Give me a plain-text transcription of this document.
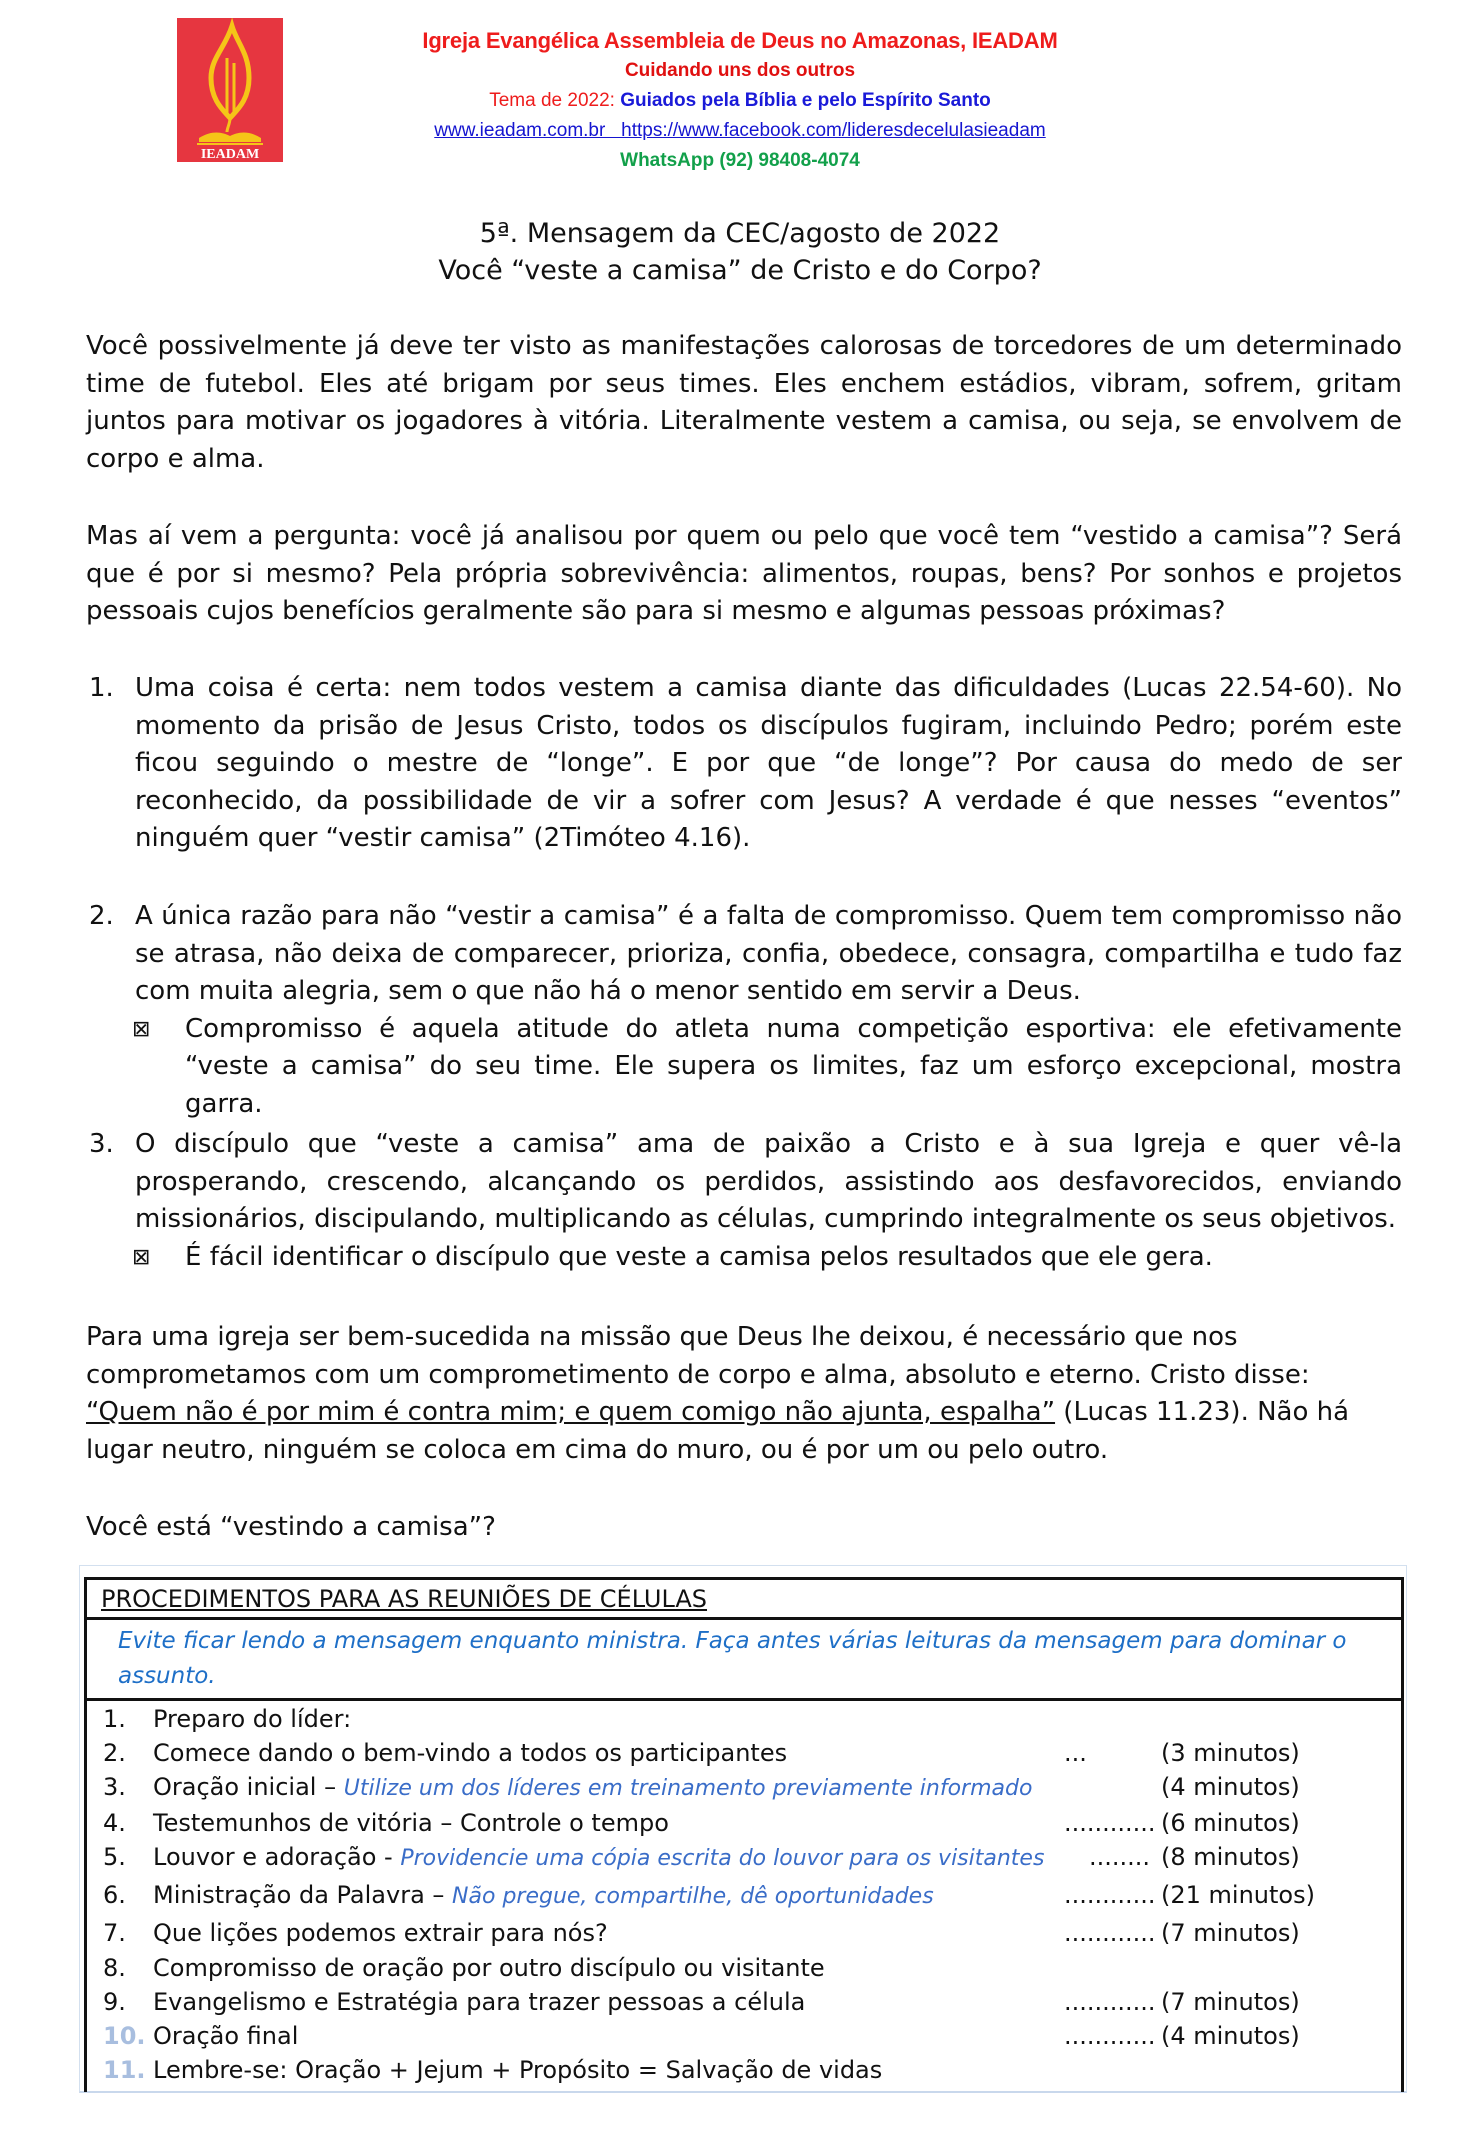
IEADAM
Igreja Evangélica Assembleia de Deus no Amazonas, IEADAM
Cuidando uns dos outros
Tema de 2022: Guiados pela Bíblia e pelo Espírito Santo
www.ieadam.com.br   https://www.facebook.com/lideresdecelulasieadam
WhatsApp (92) 98408-4074
5ª. Mensagem da CEC/agosto de 2022
Você “veste a camisa” de Cristo e do Corpo?
Você possivelmente já deve ter visto as manifestações calorosas de torcedores de um determinado time de futebol. Eles até brigam por seus times. Eles enchem estádios, vibram, sofrem, gritam juntos para motivar os jogadores à vitória. Literalmente vestem a camisa, ou seja, se envolvem de corpo e alma.
Mas aí vem a pergunta: você já analisou por quem ou pelo que você tem “vestido a camisa”? Será que é por si mesmo? Pela própria sobrevivência: alimentos, roupas, bens? Por sonhos e projetos pessoais cujos benefícios geralmente são para si mesmo e algumas pessoas próximas?
1. Uma coisa é certa: nem todos vestem a camisa diante das dificuldades (Lucas 22.54-60). No momento da prisão de Jesus Cristo, todos os discípulos fugiram, incluindo Pedro; porém este ficou seguindo o mestre de “longe”. E por que “de longe”? Por causa do medo de ser reconhecido, da possibilidade de vir a sofrer com Jesus? A verdade é que nesses “eventos” ninguém quer “vestir camisa” (2Timóteo 4.16).
2. A única razão para não “vestir a camisa” é a falta de compromisso. Quem tem compromisso não se atrasa, não deixa de comparecer, prioriza, confia, obedece, consagra, compartilha e tudo faz com muita alegria, sem o que não há o menor sentido em servir a Deus.
⊠ Compromisso é aquela atitude do atleta numa competição esportiva: ele efetivamente “veste a camisa” do seu time. Ele supera os limites, faz um esforço excepcional, mostra garra.
3. O discípulo que “veste a camisa” ama de paixão a Cristo e à sua Igreja e quer vê-la prosperando, crescendo, alcançando os perdidos, assistindo aos desfavorecidos, enviando missionários, discipulando, multiplicando as células, cumprindo integralmente os seus objetivos.
⊠ É fácil identificar o discípulo que veste a camisa pelos resultados que ele gera.
Para uma igreja ser bem-sucedida na missão que Deus lhe deixou, é necessário que nos comprometamos com um comprometimento de corpo e alma, absoluto e eterno. Cristo disse: “Quem não é por mim é contra mim; e quem comigo não ajunta, espalha” (Lucas 11.23). Não há lugar neutro, ninguém se coloca em cima do muro, ou é por um ou pelo outro.
Você está “vestindo a camisa”?
PROCEDIMENTOS PARA AS REUNIÕES DE CÉLULAS
Evite ficar lendo a mensagem enquanto ministra. Faça antes várias leituras da mensagem para dominar o assunto.
1. Preparo do líder:
2. Comece dando o bem-vindo a todos os participantes	...	(3 minutos)
3. Oração inicial – Utilize um dos líderes em treinamento previamente informado	(4 minutos)
4. Testemunhos de vitória – Controle o tempo	............ (6 minutos)
5. Louvor e adoração - Providencie uma cópia escrita do louvor para os visitantes ........ (8 minutos)
6. Ministração da Palavra – Não pregue, compartilhe, dê oportunidades	............ (21 minutos)
7. Que lições podemos extrair para nós?	............ (7 minutos)
8. Compromisso de oração por outro discípulo ou visitante
9. Evangelismo e Estratégia para trazer pessoas a célula	............ (7 minutos)
10. Oração final	............ (4 minutos)
11. Lembre-se: Oração + Jejum + Propósito = Salvação de vidas
